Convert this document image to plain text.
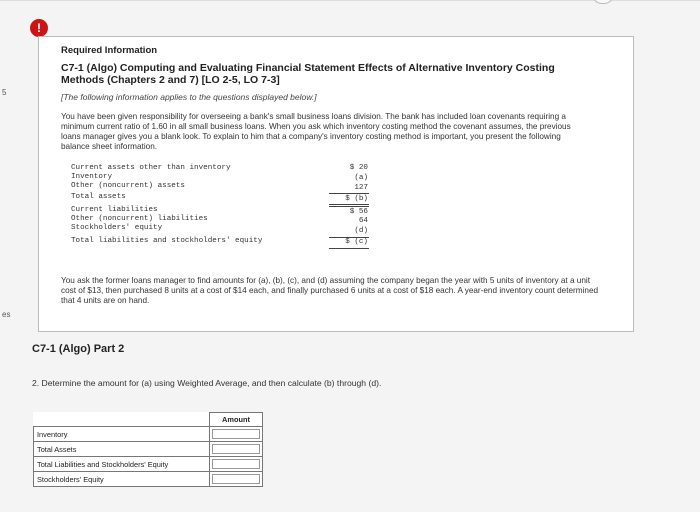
5
es
!
Required Information
C7-1 (Algo) Computing and Evaluating Financial Statement Effects of Alternative Inventory Costing Methods (Chapters 2 and 7) [LO 2-5, LO 7-3]
[The following information applies to the questions displayed below.]
You have been given responsibility for overseeing a bank's small business loans division. The bank has included loan covenants requiring a minimum current ratio of 1.60 in all small business loans. When you ask which inventory costing method the covenant assumes, the previous loans manager gives you a blank look. To explain to him that a company's inventory costing method is important, you present the following balance sheet information.
Current assets other than inventory	$ 20
Inventory	(a)
Other (noncurrent) assets	127
Total assets	$ (b)
Current liabilities	$ 56
Other (noncurrent) liabilities	64
Stockholders' equity	(d)
Total liabilities and stockholders' equity	$ (c)
You ask the former loans manager to find amounts for (a), (b), (c), and (d) assuming the company began the year with 5 units of inventory at a unit cost of $13, then purchased 8 units at a cost of $14 each, and finally purchased 6 units at a cost of $18 each. A year-end inventory count determined that 4 units are on hand.
C7-1 (Algo) Part 2
2. Determine the amount for (a) using Weighted Average, and then calculate (b) through (d).
	Amount
Inventory	

Total Assets	

Total Liabilities and Stockholders' Equity	

Stockholders' Equity	
